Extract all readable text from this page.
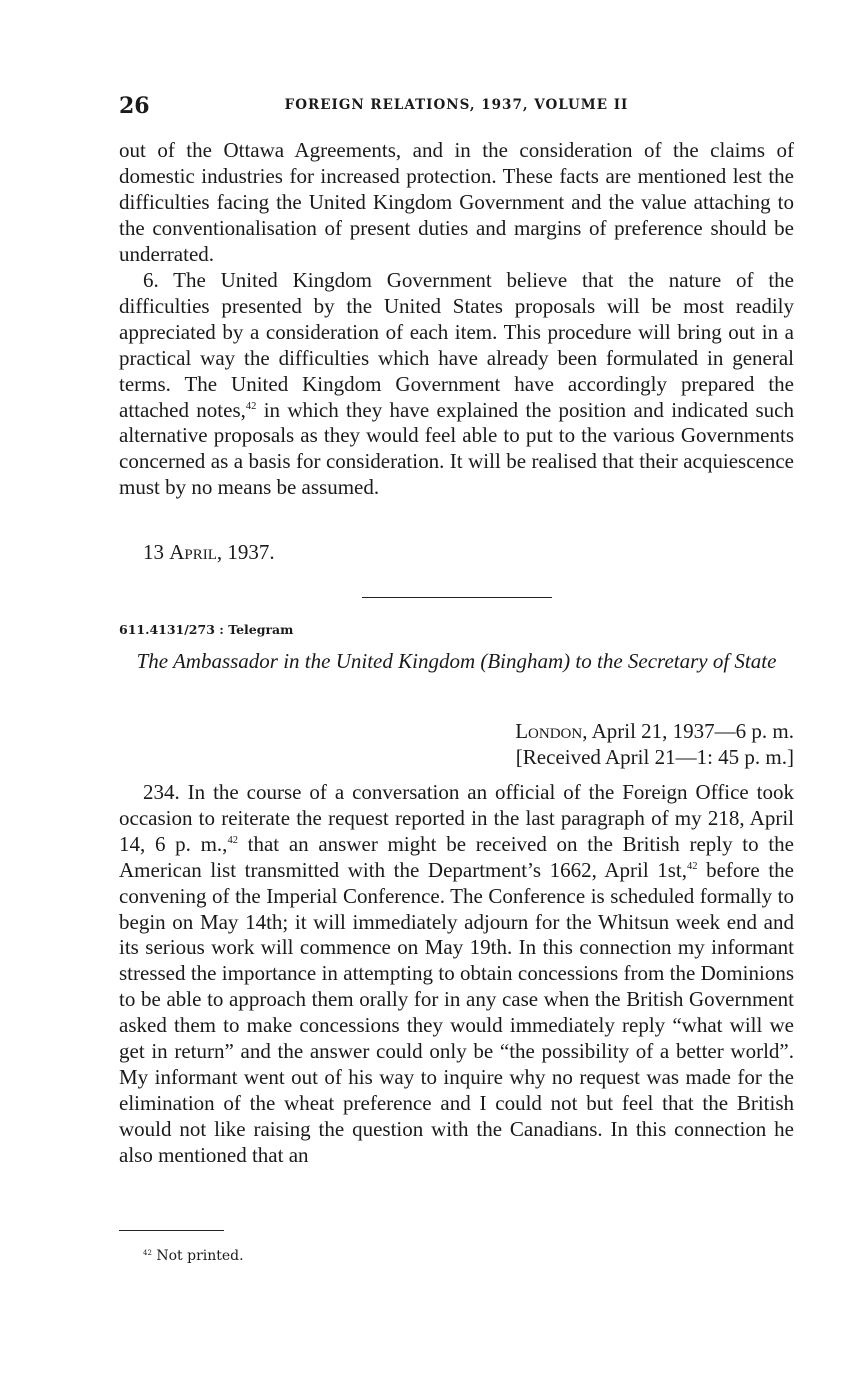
26	FOREIGN RELATIONS, 1937, VOLUME II

out of the Ottawa Agreements, and in the consideration of the claims of domestic industries for increased protection. These facts are mentioned lest the difficulties facing the United Kingdom Government and the value attaching to the conventionalisation of present duties and margins of preference should be underrated.

6. The United Kingdom Government believe that the nature of the difficulties presented by the United States proposals will be most readily appreciated by a consideration of each item. This procedure will bring out in a practical way the difficulties which have already been formulated in general terms. The United Kingdom Government have accordingly prepared the attached notes,$^{42}$ in which they have explained the position and indicated such alternative proposals as they would feel able to put to the various Governments concerned as a basis for consideration. It will be realised that their acquiescence must by no means be assumed.

13 April, 1937.
611.4131/273 : Telegram

The Ambassador in the United Kingdom (Bingham) to the Secretary of State

London, April 21, 1937—6 p. m.
[Received April 21—1: 45 p. m.]

234. In the course of a conversation an official of the Foreign Office took occasion to reiterate the request reported in the last paragraph of my 218, April 14, 6 p. m.,$^{42}$ that an answer might be received on the British reply to the American list transmitted with the Department’s 1662, April 1st,$^{42}$ before the convening of the Imperial Conference. The Conference is scheduled formally to begin on May 14th; it will immediately adjourn for the Whitsun week end and its serious work will commence on May 19th. In this connection my informant stressed the importance in attempting to obtain concessions from the Dominions to be able to approach them orally for in any case when the British Government asked them to make concessions they would immediately reply “what will we get in return” and the answer could only be “the possibility of a better world”. My informant went out of his way to inquire why no request was made for the elimination of the wheat preference and I could not but feel that the British would not like raising the question with the Canadians. In this connection he also mentioned that an

$^{42}$ Not printed.
